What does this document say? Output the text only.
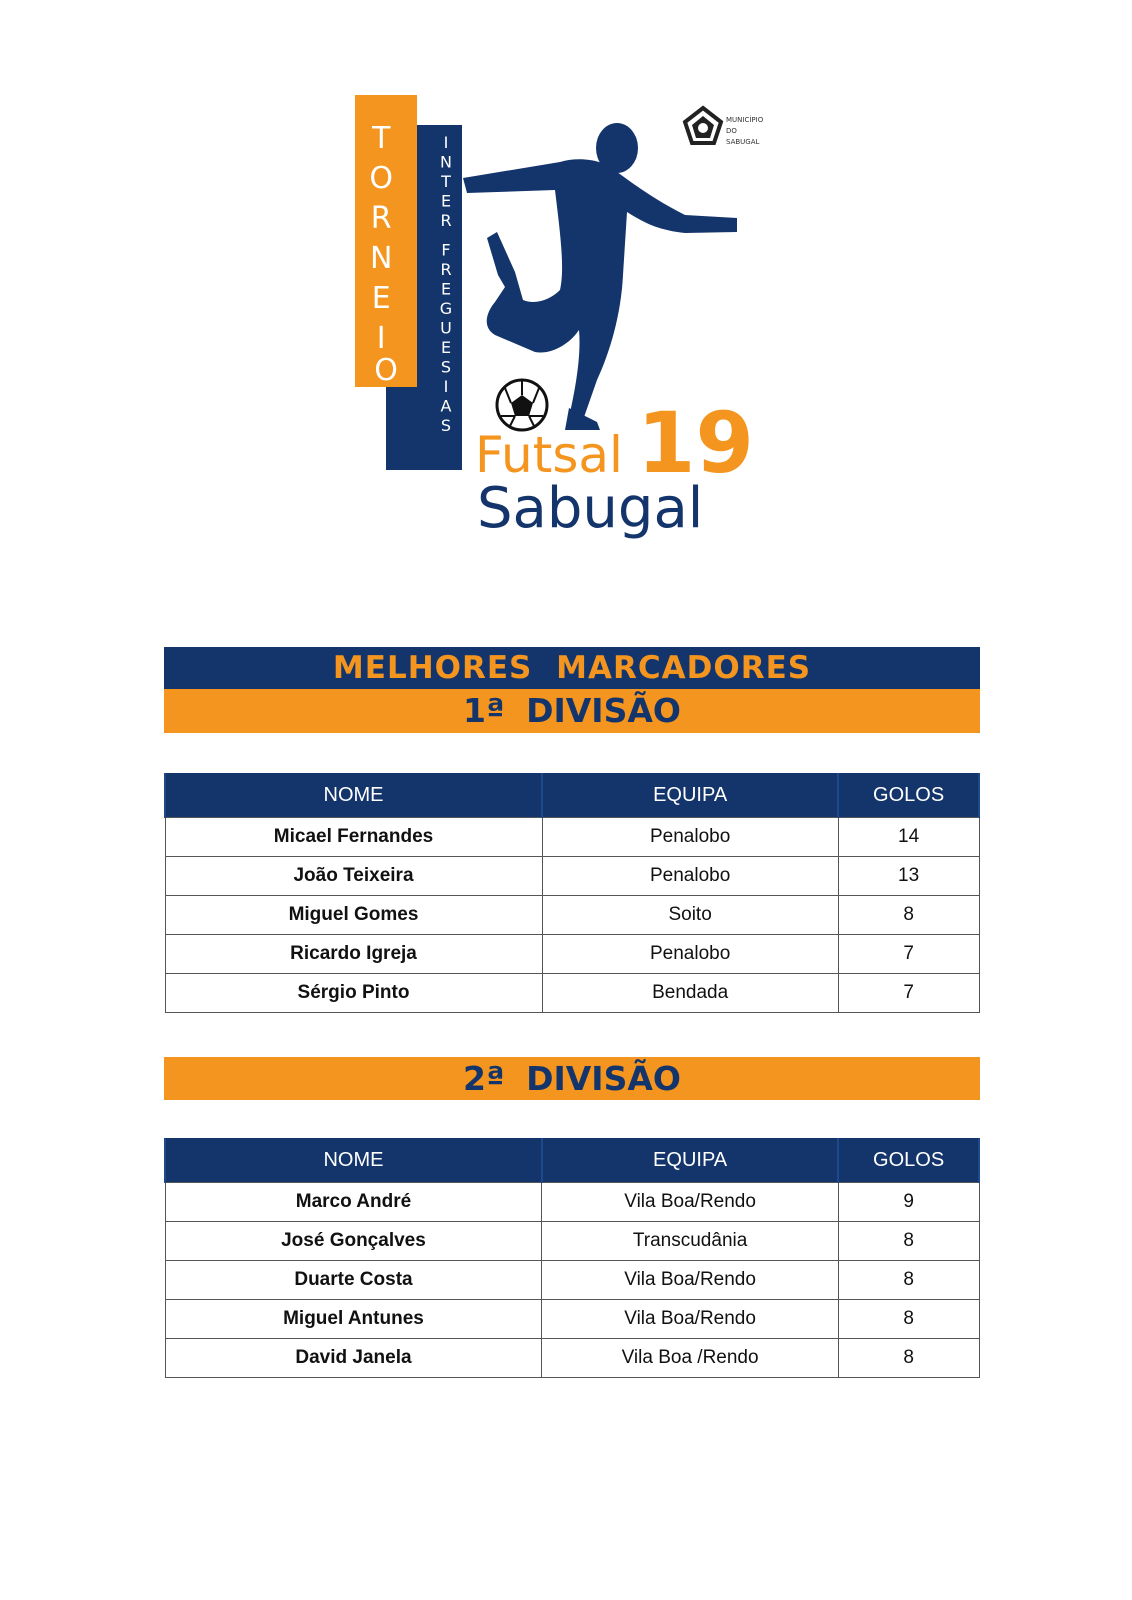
T O R N E I O
I
N
T
E
R
F
R
E
G
U
E
S
I
A
S
MUNICÍPIO DO SABUGAL
Futsal 19
Sabugal
MELHORES MARCADORES
1ª DIVISÃO
NOME	EQUIPA	GOLOS
Micael Fernandes	Penalobo	14
João Teixeira	Penalobo	13
Miguel Gomes	Soito	8
Ricardo Igreja	Penalobo	7
Sérgio Pinto	Bendada	7
2ª DIVISÃO
NOME	EQUIPA	GOLOS
Marco André	Vila Boa/Rendo	9
José Gonçalves	Transcudânia	8
Duarte Costa	Vila Boa/Rendo	8
Miguel Antunes	Vila Boa/Rendo	8
David Janela	Vila Boa /Rendo	8
